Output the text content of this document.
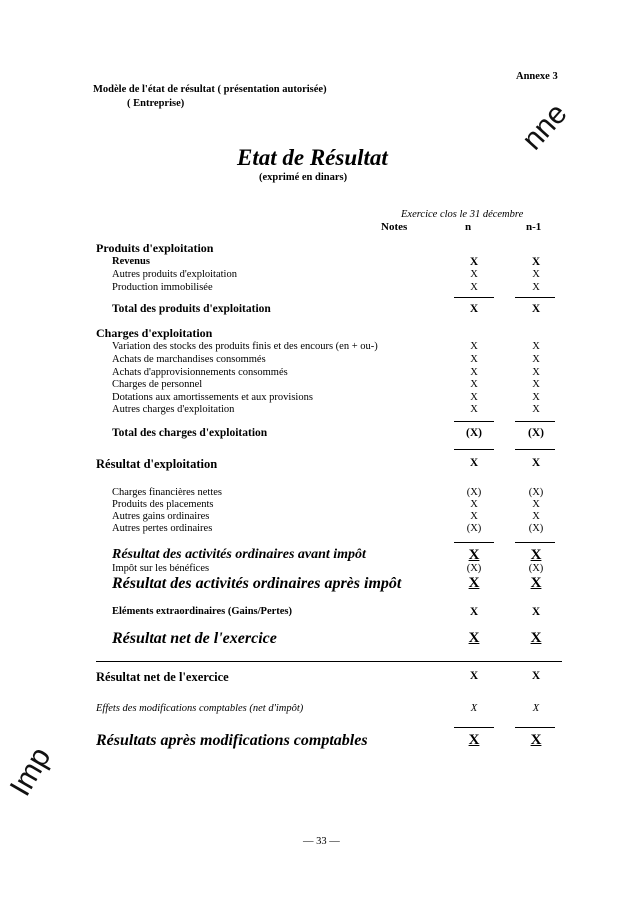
Annexe 3
Modèle de l'état de résultat ( présentation autorisée)
( Entreprise)	nne
Imp
Etat de Résultat
(exprimé en dinars)
Exercice clos le 31 décembre
Notes	n	n-1
Produits d'exploitation
Revenus	X	X
Autres produits d'exploitation	X	X
Production immobilisée	X	X
Total des produits d'exploitation	X	X
Charges d'exploitation
Variation des stocks des produits finis et des encours (en + ou-)	X	X
Achats de marchandises consommés	X	X
Achats d'approvisionnements consommés	X	X
Charges de personnel	X	X
Dotations aux amortissements et aux provisions	X	X
Autres charges d'exploitation	X	X
Total des charges d'exploitation	(X)	(X)
Résultat d'exploitation	X	X
Charges financières nettes	(X)	(X)
Produits des placements	X	X
Autres gains ordinaires	X	X
Autres pertes ordinaires	(X)	(X)
Résultat des activités ordinaires avant impôt	X	X
Impôt sur les bénéfices	(X)	(X)
Résultat des activités ordinaires après impôt	X	X
Eléments extraordinaires (Gains/Pertes)	X	X
Résultat net de l'exercice	X	X
Résultat net de l'exercice	X	X
Effets des modifications comptables (net d'impôt)	X	X
Résultats après modifications comptables	X	X
— 33 —
